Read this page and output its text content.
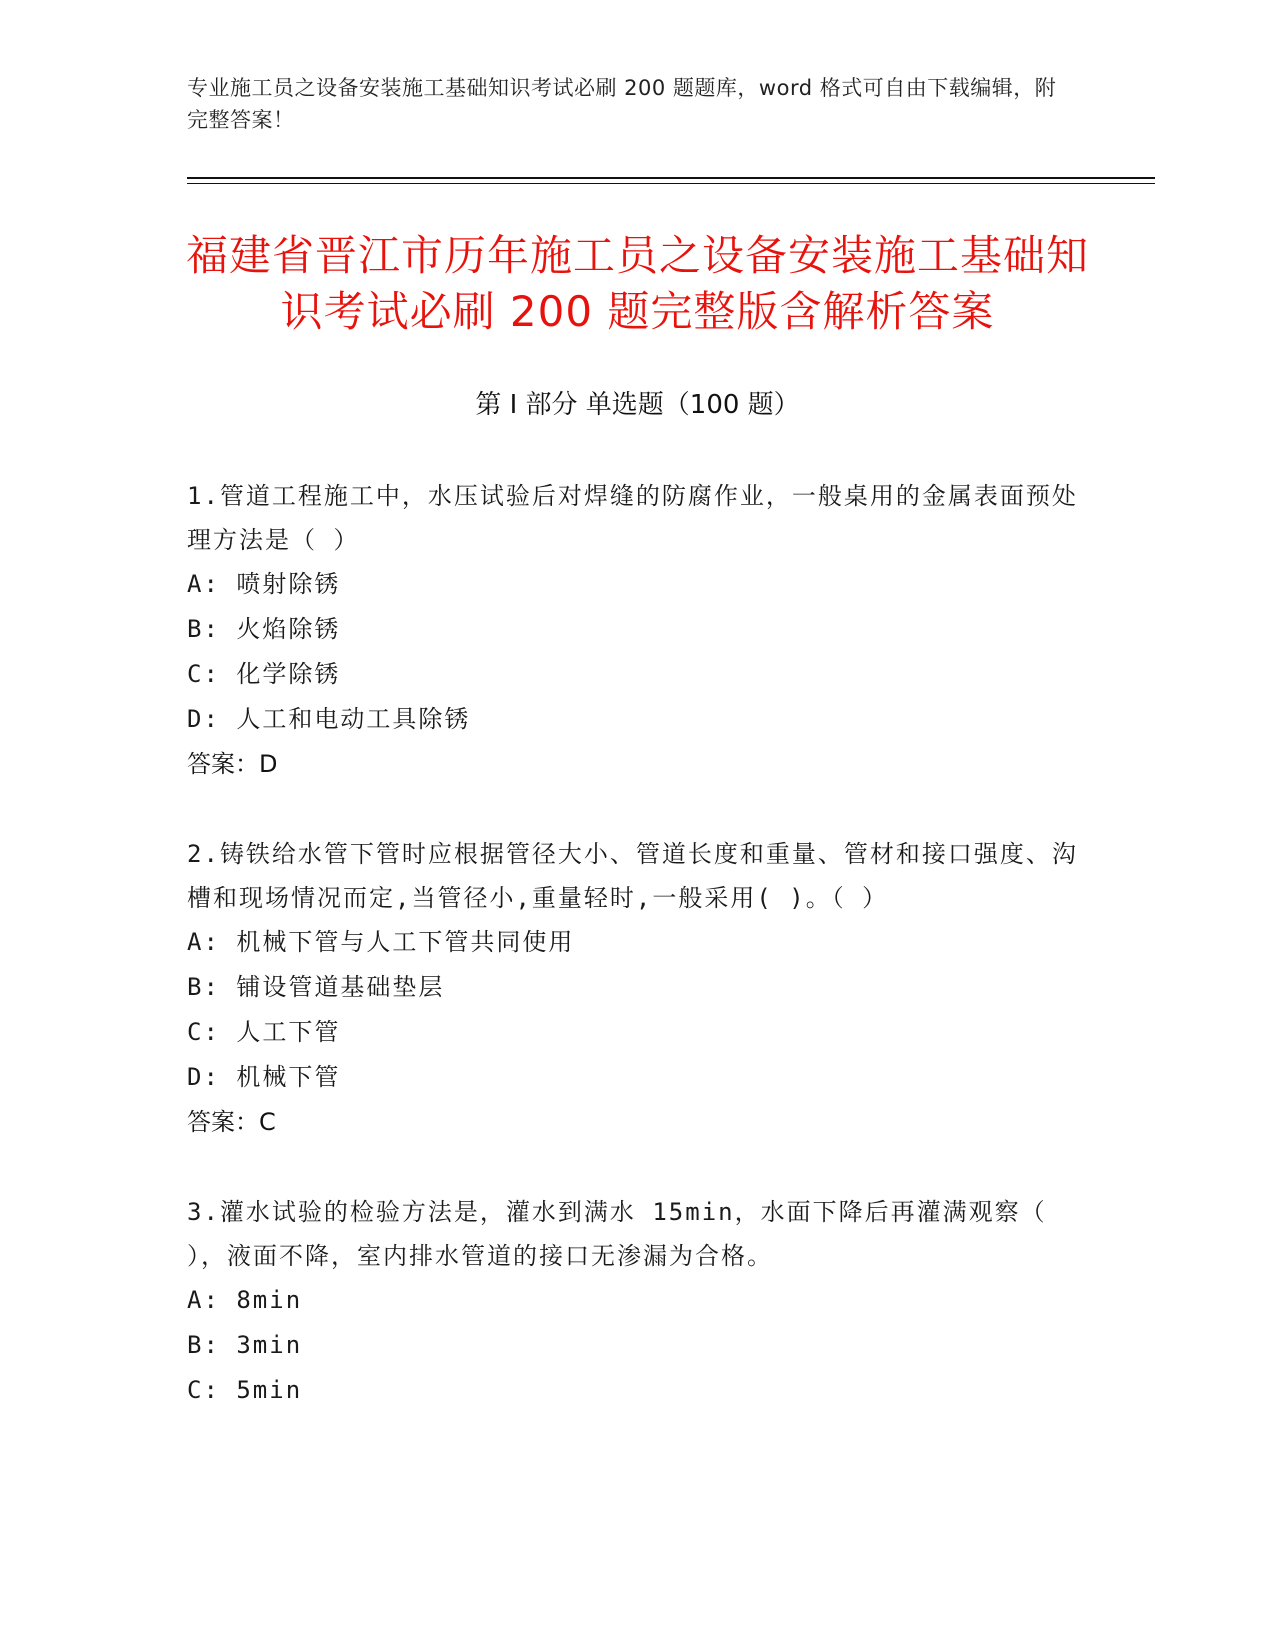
专业施工员之设备安装施工基础知识考试必刷 200 题题库，word 格式可自由下载编辑，附完整答案！
福建省晋江市历年施工员之设备安装施工基础知识考试必刷 200 题完整版含解析答案
第 I 部分 单选题（100 题）
1.管道工程施工中，水压试验后对焊缝的防腐作业，一般桌用的金属表面预处理方法是（ ）
A: 喷射除锈
B: 火焰除锈
C: 化学除锈
D: 人工和电动工具除锈
答案：D
2.铸铁给水管下管时应根据管径大小、管道长度和重量、管材和接口强度、沟槽和现场情况而定,当管径小,重量轻时,一般采用( )。（ ）
A: 机械下管与人工下管共同使用
B: 铺设管道基础垫层
C: 人工下管
D: 机械下管
答案：C
3.灌水试验的检验方法是，灌水到满水 15min，水面下降后再灌满观察（ ），液面不降，室内排水管道的接口无渗漏为合格。
A: 8min
B: 3min
C: 5min
